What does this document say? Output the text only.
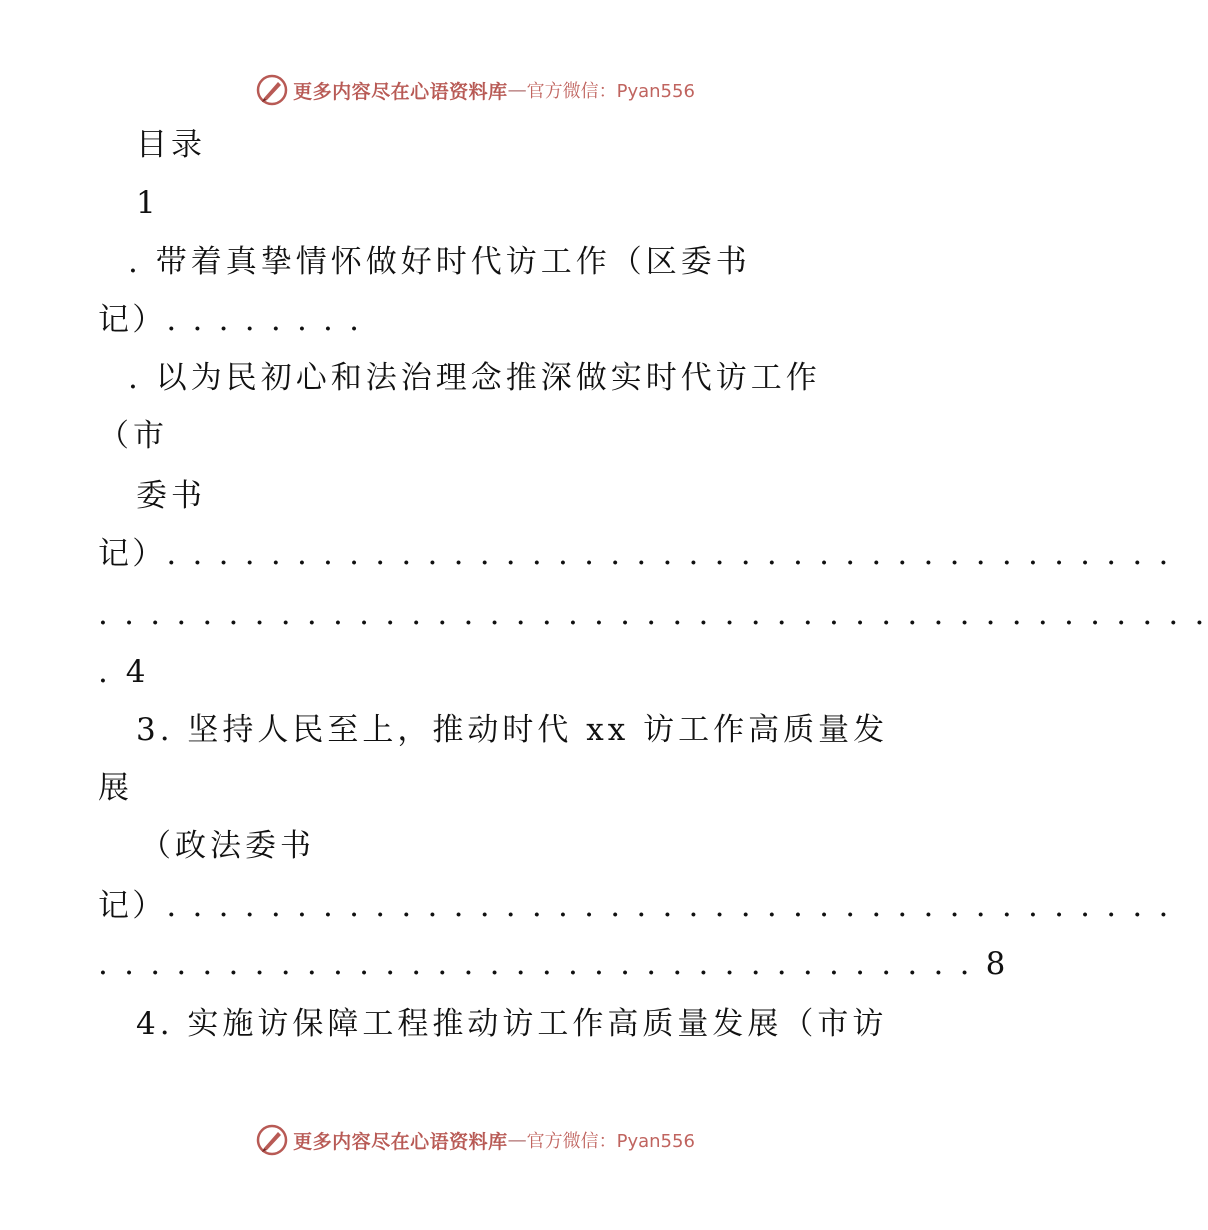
更多内容尽在心语资料库 — 官方微信：Pyan556
目录
1
. 带着真挚情怀做好时代访工作（区委书
记）. . . . . . . .
. 以为民初心和法治理念推深做实时代访工作
（市
委书
记）. . . . . . . . . . . . . . . . . . . . . . . . . . . . . . . . . . . . . . .
. . . . . . . . . . . . . . . . . . . . . . . . . . . . . . . . . . . . . . . . . . .
. 4
3. 坚持人民至上，推动时代 xx 访工作高质量发
展
（政法委书
记）. . . . . . . . . . . . . . . . . . . . . . . . . . . . . . . . . . . . . . .
. . . . . . . . . . . . . . . . . . . . . . . . . . . . . . . . . . 8
4. 实施访保障工程推动访工作高质量发展（市访
更多内容尽在心语资料库 — 官方微信：Pyan556
